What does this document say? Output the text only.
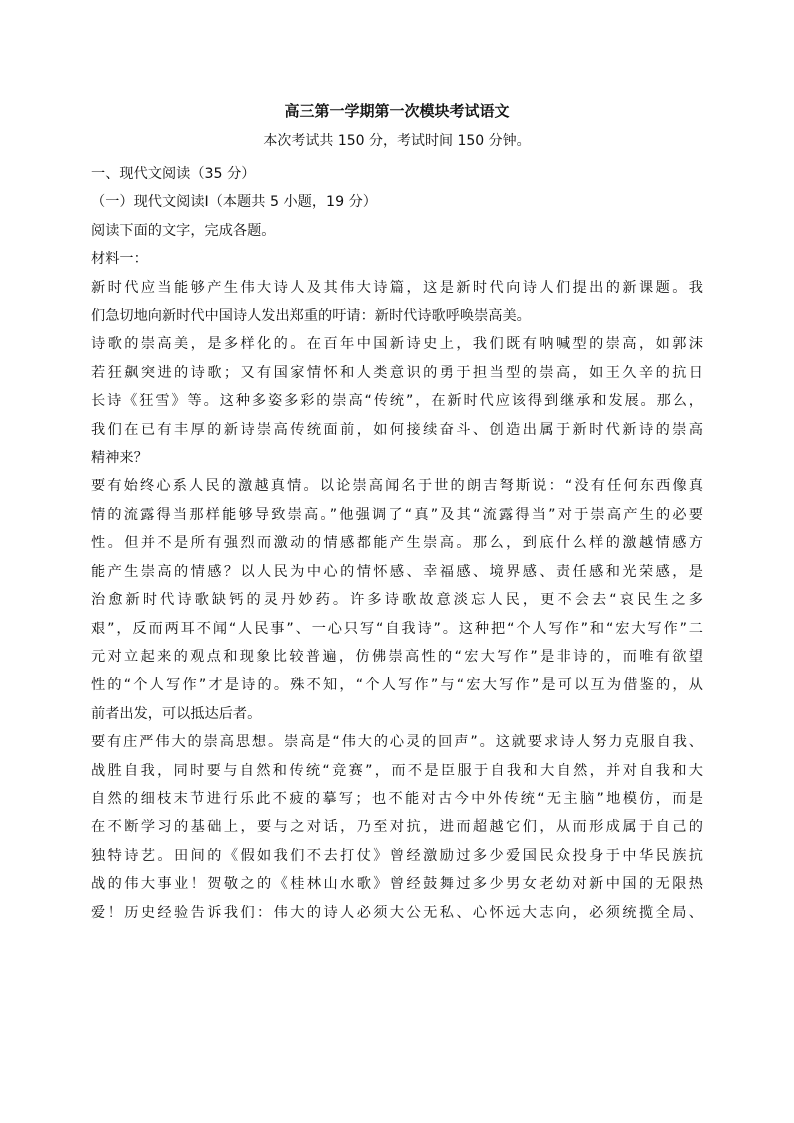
高三第一学期第一次模块考试语文
本次考试共 150 分，考试时间 150 分钟。
一、现代文阅读（35 分）
（一）现代文阅读Ⅰ（本题共 5 小题，19 分）
阅读下面的文字，完成各题。
材料一：
新时代应当能够产生伟大诗人及其伟大诗篇，这是新时代向诗人们提出的新课题。我
们急切地向新时代中国诗人发出郑重的吁请：新时代诗歌呼唤崇高美。
诗歌的崇高美，是多样化的。在百年中国新诗史上，我们既有呐喊型的崇高，如郭沫
若狂飙突进的诗歌；又有国家情怀和人类意识的勇于担当型的崇高，如王久辛的抗日
长诗《狂雪》等。这种多姿多彩的崇高“传统”，在新时代应该得到继承和发展。那么，
我们在已有丰厚的新诗崇高传统面前，如何接续奋斗、创造出属于新时代新诗的崇高
精神来？
要有始终心系人民的激越真情。以论崇高闻名于世的朗吉弩斯说：“没有任何东西像真
情的流露得当那样能够导致崇高。”他强调了“真”及其“流露得当”对于崇高产生的必要
性。但并不是所有强烈而激动的情感都能产生崇高。那么，到底什么样的激越情感方
能产生崇高的情感？以人民为中心的情怀感、幸福感、境界感、责任感和光荣感，是
治愈新时代诗歌缺钙的灵丹妙药。许多诗歌故意淡忘人民，更不会去“哀民生之多
艰”，反而两耳不闻“人民事”、一心只写“自我诗”。这种把“个人写作”和“宏大写作”二
元对立起来的观点和现象比较普遍，仿佛崇高性的“宏大写作”是非诗的，而唯有欲望
性的“个人写作”才是诗的。殊不知，“个人写作”与“宏大写作”是可以互为借鉴的，从
前者出发，可以抵达后者。
要有庄严伟大的崇高思想。崇高是“伟大的心灵的回声”。这就要求诗人努力克服自我、
战胜自我，同时要与自然和传统“竞赛”，而不是臣服于自我和大自然，并对自我和大
自然的细枝末节进行乐此不疲的摹写；也不能对古今中外传统“无主脑”地模仿，而是
在不断学习的基础上，要与之对话，乃至对抗，进而超越它们，从而形成属于自己的
独特诗艺。田间的《假如我们不去打仗》曾经激励过多少爱国民众投身于中华民族抗
战的伟大事业！贺敬之的《桂林山水歌》曾经鼓舞过多少男女老幼对新中国的无限热
爱！历史经验告诉我们：伟大的诗人必须大公无私、心怀远大志向，必须统揽全局、
